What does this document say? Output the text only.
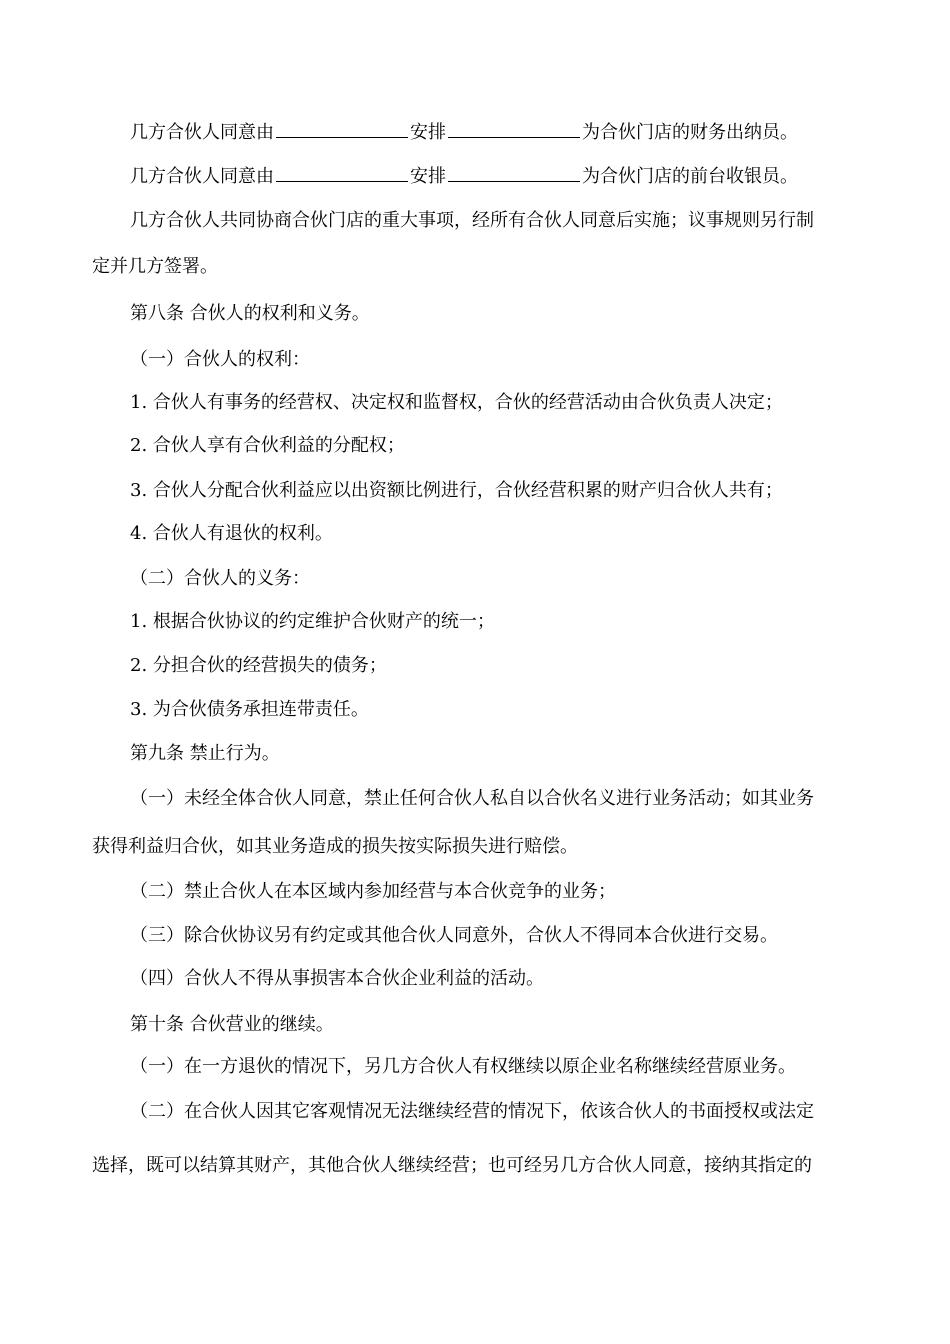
几方合伙人同意由	安排	为合伙门店的财务出纳员。
几方合伙人同意由	安排	为合伙门店的前台收银员。
几方合伙人共同协商合伙门店的重大事项，经所有合伙人同意后实施；议事规则另行制
定并几方签署。
第八条 合伙人的权利和义务。
（一）合伙人的权利：
1. 合伙人有事务的经营权、决定权和监督权，合伙的经营活动由合伙负责人决定；
2. 合伙人享有合伙利益的分配权；
3. 合伙人分配合伙利益应以出资额比例进行，合伙经营积累的财产归合伙人共有；
4. 合伙人有退伙的权利。
（二）合伙人的义务：
1. 根据合伙协议的约定维护合伙财产的统一；
2. 分担合伙的经营损失的债务；
3. 为合伙债务承担连带责任。
第九条 禁止行为。
（一）未经全体合伙人同意，禁止任何合伙人私自以合伙名义进行业务活动；如其业务
获得利益归合伙，如其业务造成的损失按实际损失进行赔偿。
（二）禁止合伙人在本区域内参加经营与本合伙竞争的业务；
（三）除合伙协议另有约定或其他合伙人同意外，合伙人不得同本合伙进行交易。
（四）合伙人不得从事损害本合伙企业利益的活动。
第十条 合伙营业的继续。
（一）在一方退伙的情况下，另几方合伙人有权继续以原企业名称继续经营原业务。
（二）在合伙人因其它客观情况无法继续经营的情况下，依该合伙人的书面授权或法定
选择，既可以结算其财产，其他合伙人继续经营；也可经另几方合伙人同意，接纳其指定的
